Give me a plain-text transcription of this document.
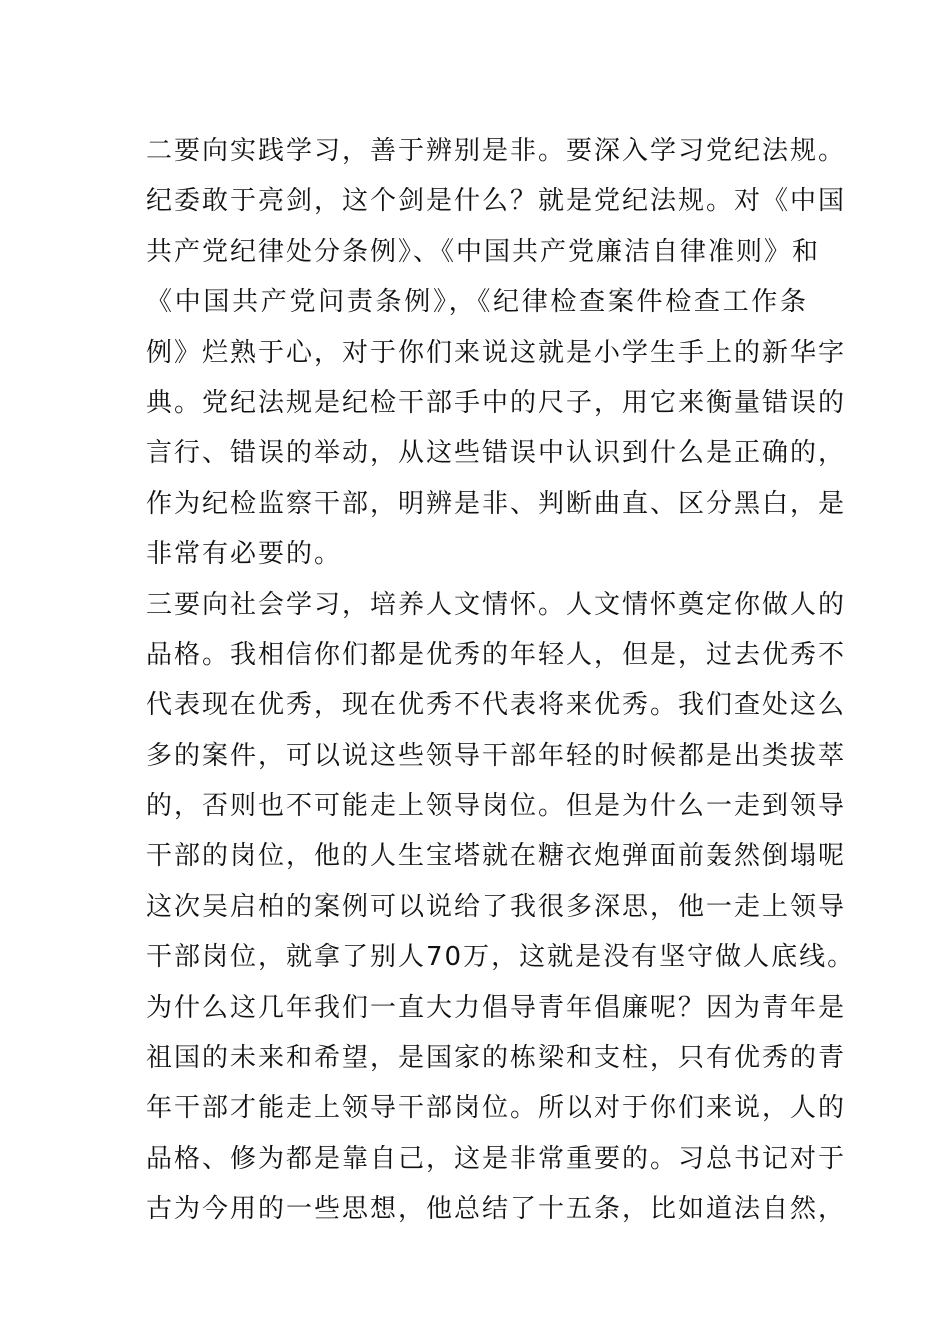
二要向实践学习，善于辨别是非。要深入学习党纪法规。
纪委敢于亮剑，这个剑是什么？就是党纪法规。对《中国
共产党纪律处分条例》、《中国共产党廉洁自律准则》和
《中国共产党问责条例》，《纪律检查案件检查工作条
例》烂熟于心，对于你们来说这就是小学生手上的新华字
典。党纪法规是纪检干部手中的尺子，用它来衡量错误的
言行、错误的举动，从这些错误中认识到什么是正确的，
作为纪检监察干部，明辨是非、判断曲直、区分黑白，是
非常有必要的。
三要向社会学习，培养人文情怀。人文情怀奠定你做人的
品格。我相信你们都是优秀的年轻人，但是，过去优秀不
代表现在优秀，现在优秀不代表将来优秀。我们查处这么
多的案件，可以说这些领导干部年轻的时候都是出类拔萃
的，否则也不可能走上领导岗位。但是为什么一走到领导
干部的岗位，他的人生宝塔就在糖衣炮弹面前轰然倒塌呢
这次吴启柏的案例可以说给了我很多深思，他一走上领导
干部岗位，就拿了别人70万，这就是没有坚守做人底线。
为什么这几年我们一直大力倡导青年倡廉呢？因为青年是
祖国的未来和希望，是国家的栋梁和支柱，只有优秀的青
年干部才能走上领导干部岗位。所以对于你们来说，人的
品格、修为都是靠自己，这是非常重要的。习总书记对于
古为今用的一些思想，他总结了十五条，比如道法自然，
